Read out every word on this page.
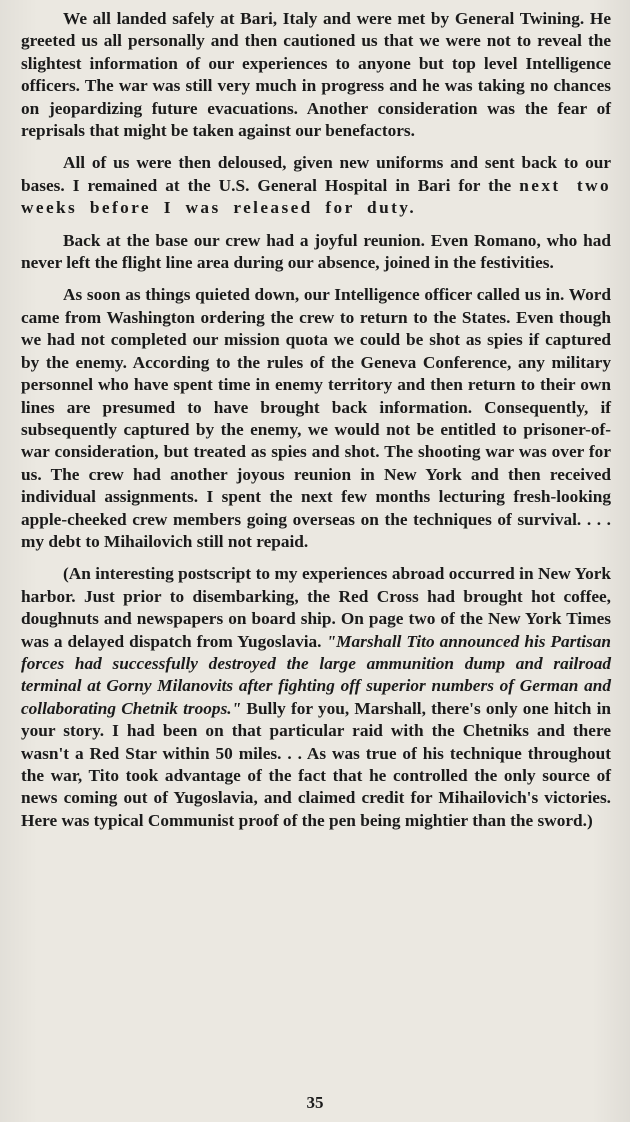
We all landed safely at Bari, Italy and were met by General Twining. He greeted us all personally and then cautioned us that we were not to reveal the slightest information of our experiences to anyone but top level Intelligence officers. The war was still very much in progress and he was taking no chances on jeopardizing future evacuations. Another consideration was the fear of reprisals that might be taken against our benefactors.

All of us were then deloused, given new uniforms and sent back to our bases. I remained at the U.S. General Hospital in Bari for the next two weeks before I was released for duty.

Back at the base our crew had a joyful reunion. Even Romano, who had never left the flight line area during our absence, joined in the festivities.

As soon as things quieted down, our Intelligence officer called us in. Word came from Washington ordering the crew to return to the States. Even though we had not completed our mission quota we could be shot as spies if captured by the enemy. According to the rules of the Geneva Conference, any military personnel who have spent time in enemy territory and then return to their own lines are presumed to have brought back information. Consequently, if subsequently captured by the enemy, we would not be entitled to prisoner-of-war consideration, but treated as spies and shot. The shooting war was over for us. The crew had another joyous reunion in New York and then received individual assignments. I spent the next few months lecturing fresh-looking apple-cheeked crew members going overseas on the techniques of survival. . . . my debt to Mihailovich still not repaid.

(An interesting postscript to my experiences abroad occurred in New York harbor. Just prior to disembarking, the Red Cross had brought hot coffee, doughnuts and newspapers on board ship. On page two of the New York Times was a delayed dispatch from Yugoslavia. "Marshall Tito announced his Partisan forces had successfully destroyed the large ammunition dump and railroad terminal at Gorny Milanovits after fighting off superior numbers of German and collaborating Chetnik troops." Bully for you, Marshall, there's only one hitch in your story. I had been on that particular raid with the Chetniks and there wasn't a Red Star within 50 miles. . . As was true of his technique throughout the war, Tito took advantage of the fact that he controlled the only source of news coming out of Yugoslavia, and claimed credit for Mihailovich's victories. Here was typical Communist proof of the pen being mightier than the sword.)

35
